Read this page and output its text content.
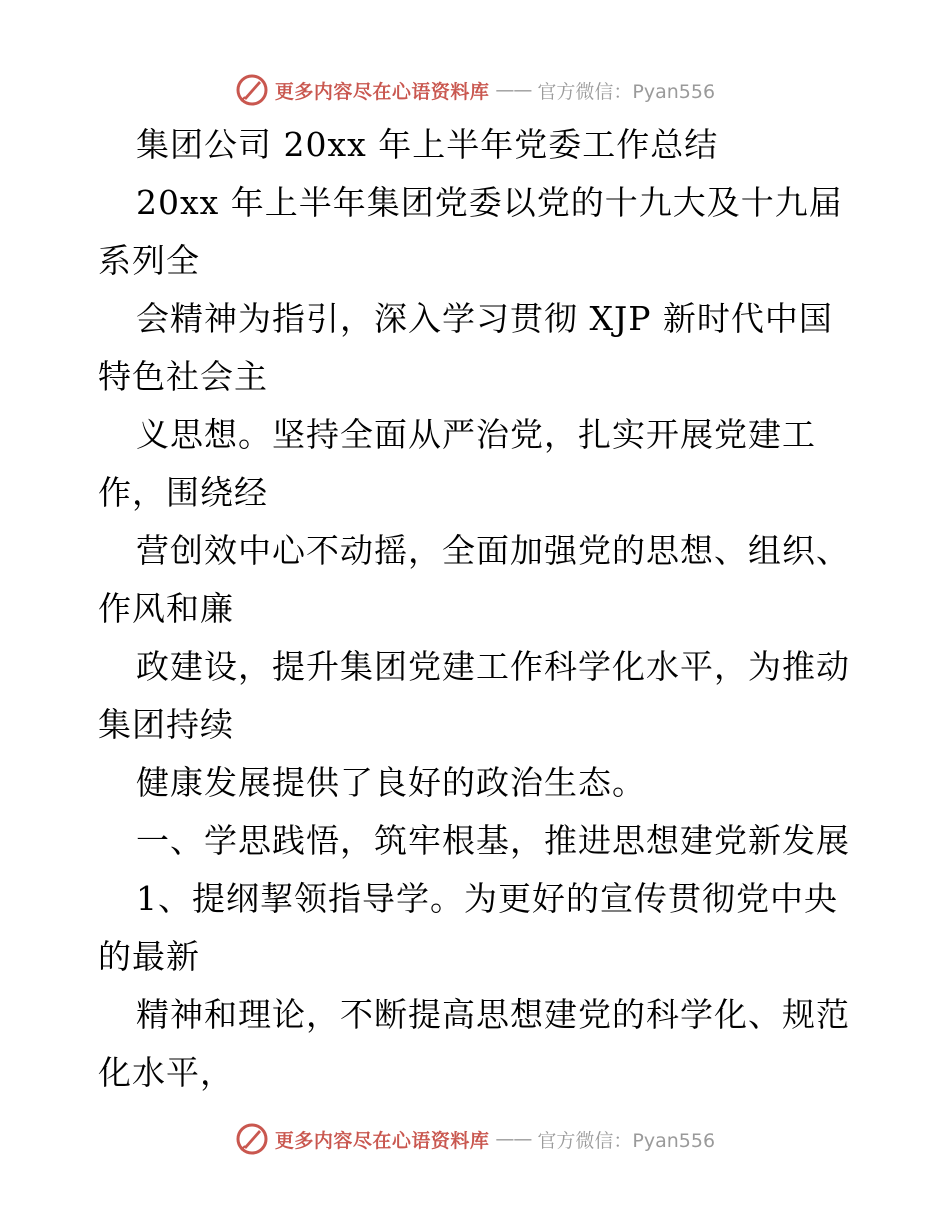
更多内容尽在心语资料库 —— 官方微信：Pyan556
集团公司 20xx 年上半年党委工作总结
20xx 年上半年集团党委以党的十九大及十九届
系列全
会精神为指引，深入学习贯彻 XJP 新时代中国
特色社会主
义思想。坚持全面从严治党，扎实开展党建工
作，围绕经
营创效中心不动摇，全面加强党的思想、组织、
作风和廉
政建设，提升集团党建工作科学化水平，为推动
集团持续
健康发展提供了良好的政治生态。
一、学思践悟，筑牢根基，推进思想建党新发展
1、提纲挈领指导学。为更好的宣传贯彻党中央
的最新
精神和理论，不断提高思想建党的科学化、规范
化水平，
更多内容尽在心语资料库 —— 官方微信：Pyan556
